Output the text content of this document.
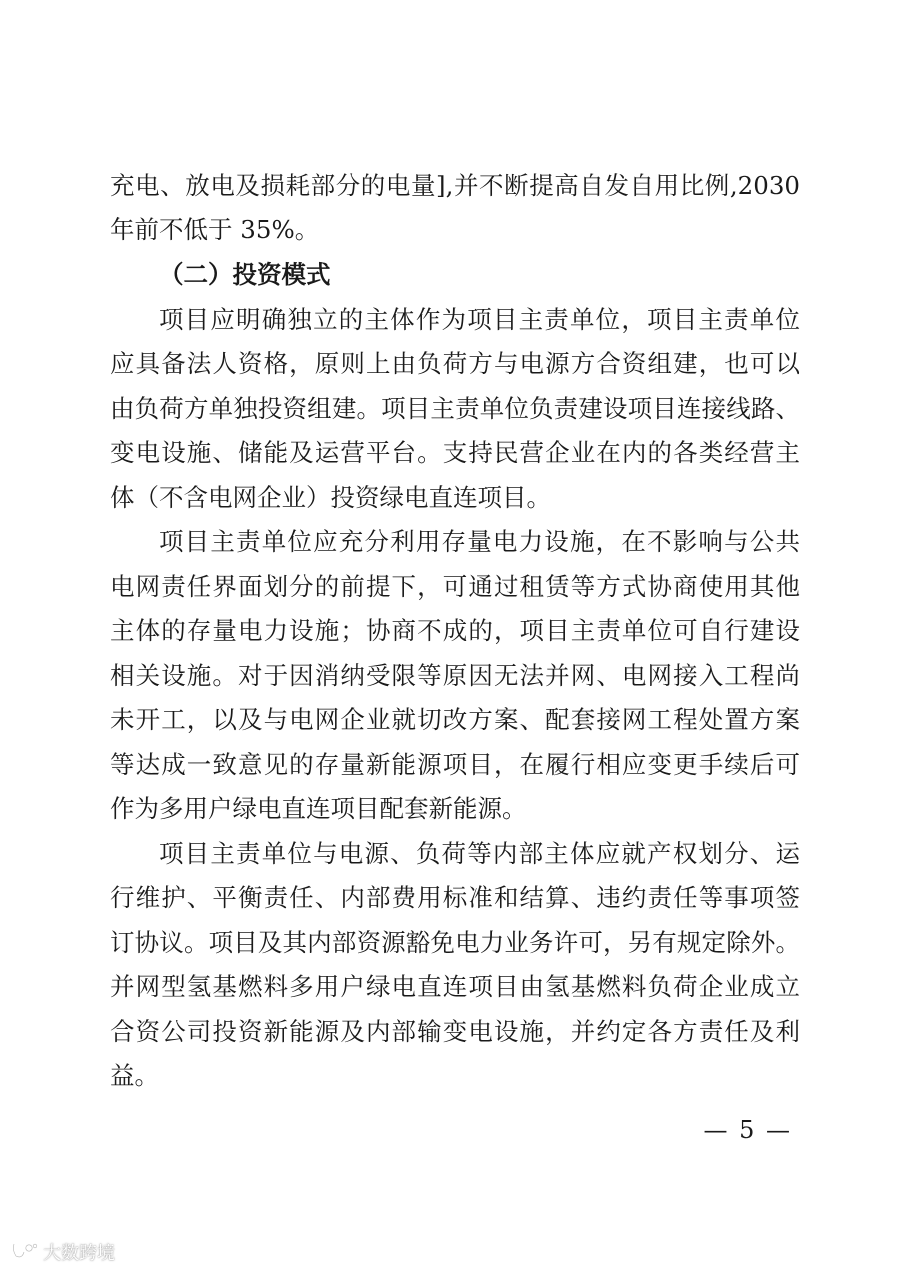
充电、放电及损耗部分的电量],并不断提高自发自用比例,2030
年前不低于 35%。
（二）投资模式
项目应明确独立的主体作为项目主责单位，项目主责单位
应具备法人资格，原则上由负荷方与电源方合资组建，也可以
由负荷方单独投资组建。项目主责单位负责建设项目连接线路、
变电设施、储能及运营平台。支持民营企业在内的各类经营主
体（不含电网企业）投资绿电直连项目。
项目主责单位应充分利用存量电力设施，在不影响与公共
电网责任界面划分的前提下，可通过租赁等方式协商使用其他
主体的存量电力设施；协商不成的，项目主责单位可自行建设
相关设施。对于因消纳受限等原因无法并网、电网接入工程尚
未开工，以及与电网企业就切改方案、配套接网工程处置方案
等达成一致意见的存量新能源项目，在履行相应变更手续后可
作为多用户绿电直连项目配套新能源。
项目主责单位与电源、负荷等内部主体应就产权划分、运
行维护、平衡责任、内部费用标准和结算、违约责任等事项签
订协议。项目及其内部资源豁免电力业务许可，另有规定除外。
并网型氢基燃料多用户绿电直连项目由氢基燃料负荷企业成立
合资公司投资新能源及内部输变电设施，并约定各方责任及利
益。
— 5 —
大数跨境
